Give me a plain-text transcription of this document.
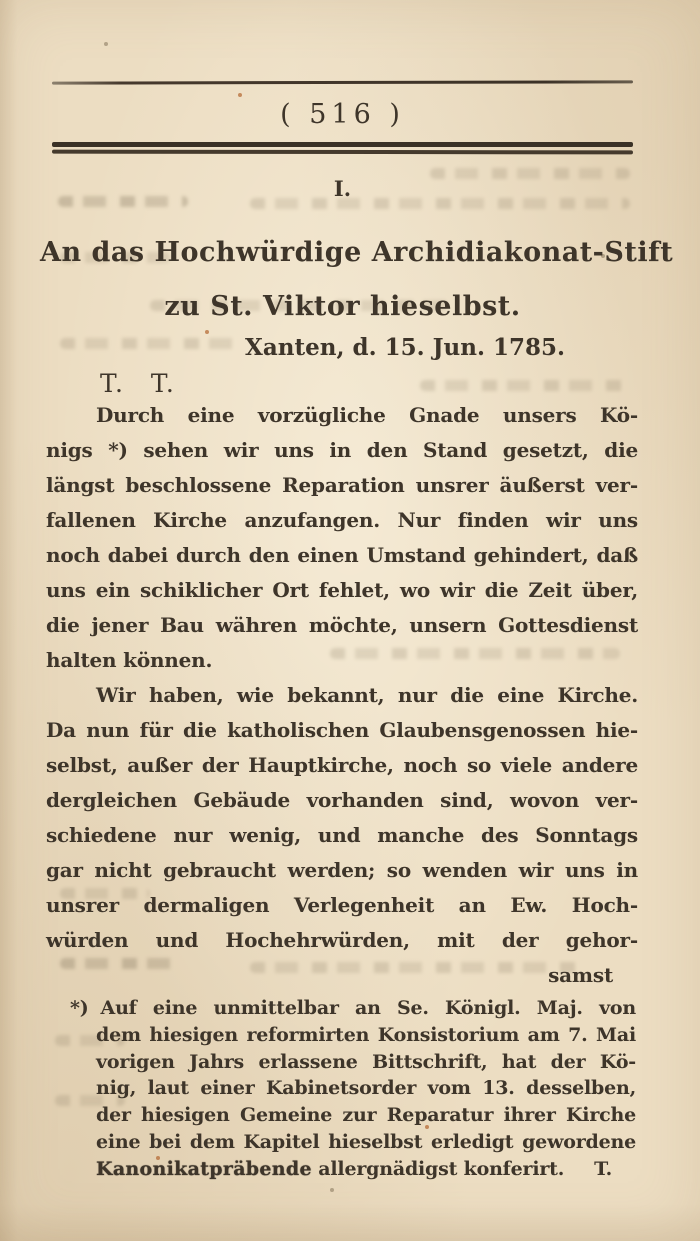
( 516 )
I.
An das Hochwürdige Archidiakonat-Stift
zu St. Viktor hieselbst.
Xanten, d. 15. Jun. 1785.
T. T.
Durch eine vorzügliche Gnade unsers Kö-
nigs *) sehen wir uns in den Stand gesetzt, die
längst beschlossene Reparation unsrer äußerst ver-
fallenen Kirche anzufangen. Nur finden wir uns
noch dabei durch den einen Umstand gehindert, daß
uns ein schiklicher Ort fehlet, wo wir die Zeit über,
die jener Bau währen möchte, unsern Gottesdienst
halten können.
Wir haben, wie bekannt, nur die eine Kirche.
Da nun für die katholischen Glaubensgenossen hie-
selbst, außer der Hauptkirche, noch so viele andere
dergleichen Gebäude vorhanden sind, wovon ver-
schiedene nur wenig, und manche des Sonntags
gar nicht gebraucht werden; so wenden wir uns in
unsrer dermaligen Verlegenheit an Ew. Hoch-
würden und Hochehrwürden, mit der gehor-
samst
*) Auf eine unmittelbar an Se. Königl. Maj. von
dem hiesigen reformirten Konsistorium am 7. Mai
vorigen Jahrs erlassene Bittschrift, hat der Kö-
nig, laut einer Kabinetsorder vom 13. desselben,
der hiesigen Gemeine zur Reparatur ihrer Kirche
eine bei dem Kapitel hieselbst erledigt gewordene
Kanonikatpräbende allergnädigst konferirt. T.
